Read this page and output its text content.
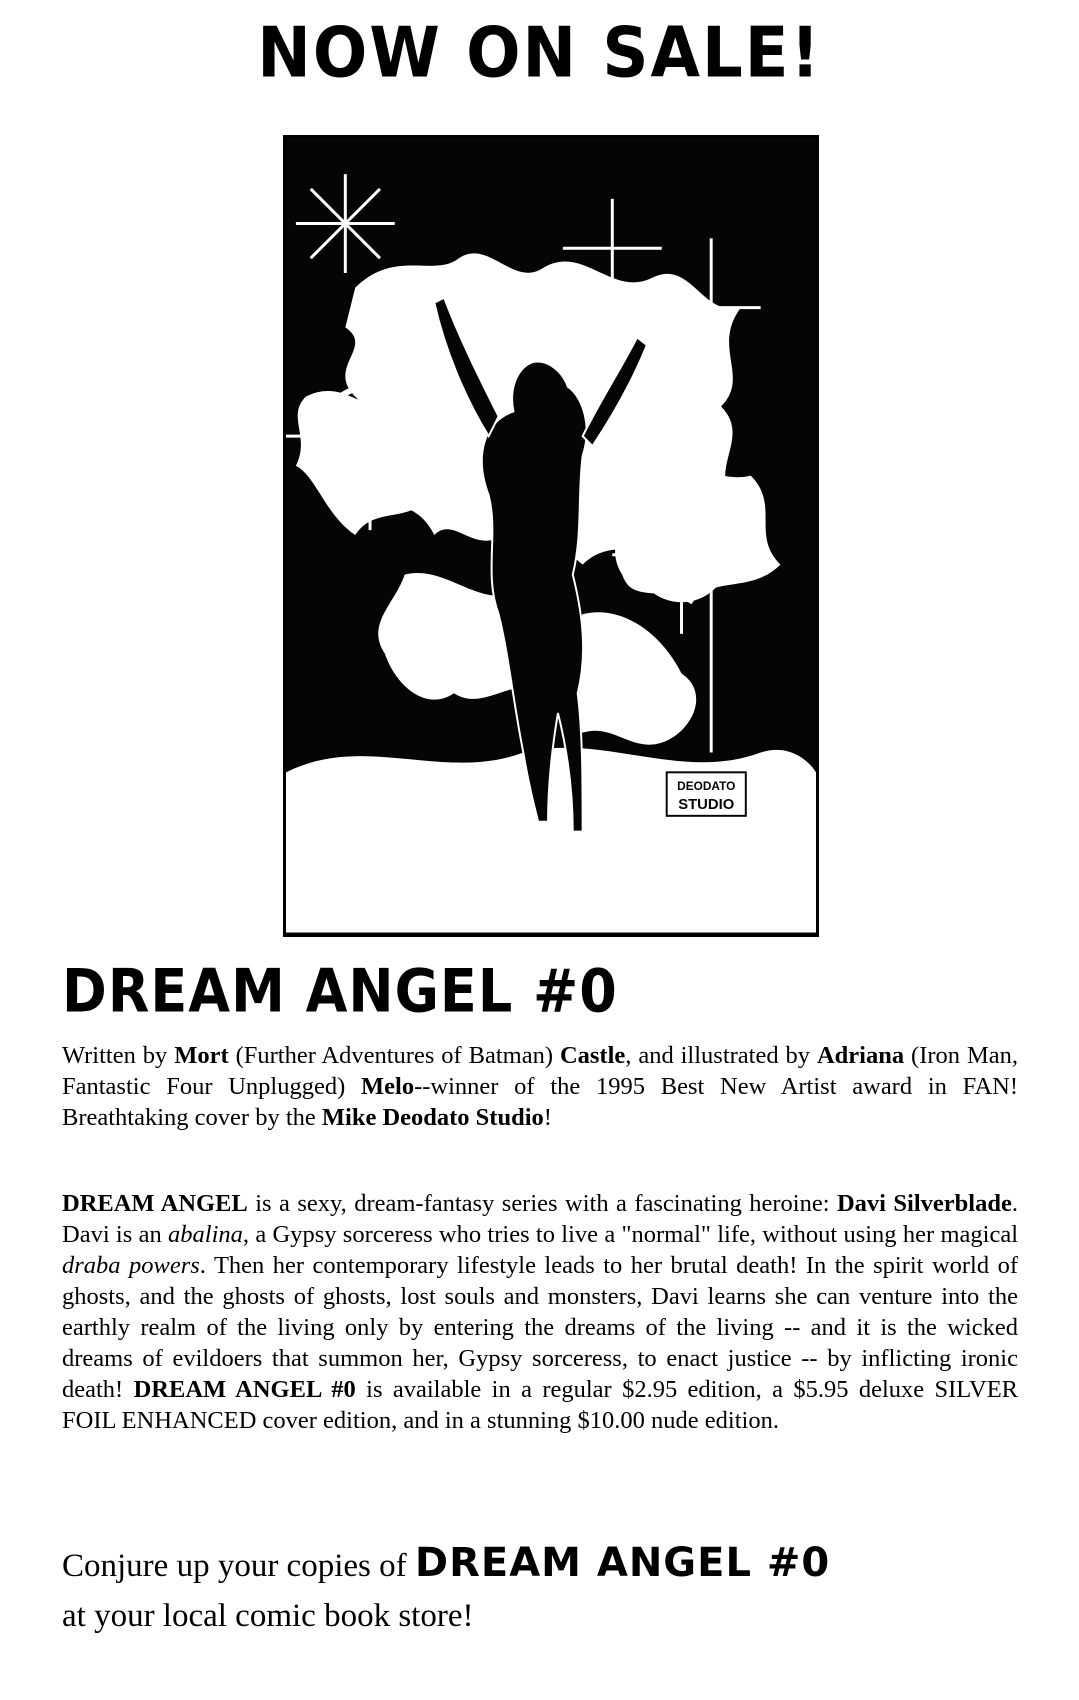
NOW ON SALE!
DEODATO
STUDIO
DREAM ANGEL #0
Written by Mort (Further Adventures of Batman) Castle, and illustrated by Adriana (Iron Man, Fantastic Four Unplugged) Melo--winner of the 1995 Best New Artist award in FAN! Breathtaking cover by the Mike Deodato Studio!
DREAM ANGEL is a sexy, dream-fantasy series with a fascinating heroine: Davi Silverblade. Davi is an abalina, a Gypsy sorceress who tries to live a "normal" life, without using her magical draba powers. Then her contemporary lifestyle leads to her brutal death! In the spirit world of ghosts, and the ghosts of ghosts, lost souls and monsters, Davi learns she can venture into the earthly realm of the living only by entering the dreams of the living -- and it is the wicked dreams of evildoers that summon her, Gypsy sorceress, to enact justice -- by inflicting ironic death! DREAM ANGEL #0 is available in a regular $2.95 edition, a $5.95 deluxe SILVER FOIL ENHANCED cover edition, and in a stunning $10.00 nude edition.
Conjure up your copies of DREAM ANGEL #0
at your local comic book store!
